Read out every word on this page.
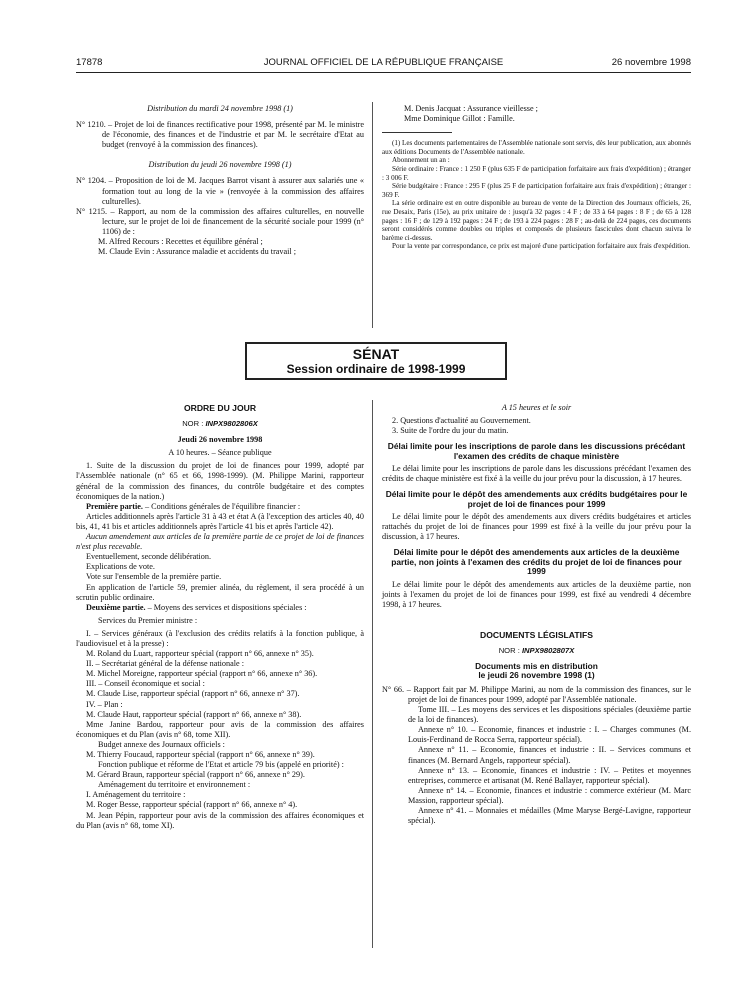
17878	JOURNAL OFFICIEL DE LA RÉPUBLIQUE FRANÇAISE	26 novembre 1998

Distribution du mardi 24 novembre 1998 (1)

N° 1210. – Projet de loi de finances rectificative pour 1998, présenté par M. le ministre de l'économie, des finances et de l'industrie et par M. le secrétaire d'Etat au budget (renvoyé à la commission des finances).

Distribution du jeudi 26 novembre 1998 (1)

N° 1204. – Proposition de loi de M. Jacques Barrot visant à assurer aux salariés une « formation tout au long de la vie » (renvoyée à la commission des affaires culturelles).

N° 1215. – Rapport, au nom de la commission des affaires culturelles, en nouvelle lecture, sur le projet de loi de financement de la sécurité sociale pour 1999 (n° 1106) de :

M. Alfred Recours : Recettes et équilibre général ;

M. Claude Evin : Assurance maladie et accidents du travail ;

M. Denis Jacquat : Assurance vieillesse ;

Mme Dominique Gillot : Famille.

(1) Les documents parlementaires de l'Assemblée nationale sont servis, dès leur publication, aux abonnés aux éditions Documents de l'Assemblée nationale.

Abonnement un an :

Série ordinaire : France : 1 250 F (plus 635 F de participation forfaitaire aux frais d'expédition) ; étranger : 3 006 F.

Série budgétaire : France : 295 F (plus 25 F de participation forfaitaire aux frais d'expédition) ; étranger : 369 F.

La série ordinaire est en outre disponible au bureau de vente de la Direction des Journaux officiels, 26, rue Desaix, Paris (15e), au prix unitaire de : jusqu'à 32 pages : 4 F ; de 33 à 64 pages : 8 F ; de 65 à 128 pages : 16 F ; de 129 à 192 pages : 24 F ; de 193 à 224 pages : 28 F ; au-delà de 224 pages, ces documents seront considérés comme doubles ou triples et composés de plusieurs fascicules dont chacun suivra le barème ci-dessus.

Pour la vente par correspondance, ce prix est majoré d'une participation forfaitaire aux frais d'expédition.

SÉNAT
Session ordinaire de 1998-1999

ORDRE DU JOUR

NOR : INPX9802806X

Jeudi 26 novembre 1998

A 10 heures. – Séance publique

1. Suite de la discussion du projet de loi de finances pour 1999, adopté par l'Assemblée nationale (n° 65 et 66, 1998-1999). (M. Philippe Marini, rapporteur général de la commission des finances, du contrôle budgétaire et des comptes économiques de la nation.)

Première partie. – Conditions générales de l'équilibre financier :

Articles additionnels après l'article 31 à 43 et état A (à l'exception des articles 40, 40 bis, 41, 41 bis et articles additionnels après l'article 41 bis et après l'article 42).

Aucun amendement aux articles de la première partie de ce projet de loi de finances n'est plus recevable.

Eventuellement, seconde délibération.

Explications de vote.

Vote sur l'ensemble de la première partie.

En application de l'article 59, premier alinéa, du règlement, il sera procédé à un scrutin public ordinaire.

Deuxième partie. – Moyens des services et dispositions spéciales :

Services du Premier ministre :

I. – Services généraux (à l'exclusion des crédits relatifs à la fonction publique, à l'audiovisuel et à la presse) :

M. Roland du Luart, rapporteur spécial (rapport n° 66, annexe n° 35).

II. – Secrétariat général de la défense nationale :

M. Michel Moreigne, rapporteur spécial (rapport n° 66, annexe n° 36).

III. – Conseil économique et social :

M. Claude Lise, rapporteur spécial (rapport n° 66, annexe n° 37).

IV. – Plan :

M. Claude Haut, rapporteur spécial (rapport n° 66, annexe n° 38).

Mme Janine Bardou, rapporteur pour avis de la commission des affaires économiques et du Plan (avis n° 68, tome XII).

Budget annexe des Journaux officiels :

M. Thierry Foucaud, rapporteur spécial (rapport n° 66, annexe n° 39).

Fonction publique et réforme de l'Etat et article 79 bis (appelé en priorité) :

M. Gérard Braun, rapporteur spécial (rapport n° 66, annexe n° 29).

Aménagement du territoire et environnement :

I. Aménagement du territoire :

M. Roger Besse, rapporteur spécial (rapport n° 66, annexe n° 4).

M. Jean Pépin, rapporteur pour avis de la commission des affaires économiques et du Plan (avis n° 68, tome XI).

A 15 heures et le soir

2. Questions d'actualité au Gouvernement.

3. Suite de l'ordre du jour du matin.

Délai limite pour les inscriptions de parole dans les discussions précédant l'examen des crédits de chaque ministère

Le délai limite pour les inscriptions de parole dans les discussions précédant l'examen des crédits de chaque ministère est fixé à la veille du jour prévu pour la discussion, à 17 heures.

Délai limite pour le dépôt des amendements aux crédits budgétaires pour le projet de loi de finances pour 1999

Le délai limite pour le dépôt des amendements aux divers crédits budgétaires et articles rattachés du projet de loi de finances pour 1999 est fixé à la veille du jour prévu pour la discussion, à 17 heures.

Délai limite pour le dépôt des amendements aux articles de la deuxième partie, non joints à l'examen des crédits du projet de loi de finances pour 1999

Le délai limite pour le dépôt des amendements aux articles de la deuxième partie, non joints à l'examen du projet de loi de finances pour 1999, est fixé au vendredi 4 décembre 1998, à 17 heures.

DOCUMENTS LÉGISLATIFS

NOR : INPX9802807X

Documents mis en distribution

le jeudi 26 novembre 1998 (1)

N° 66. – Rapport fait par M. Philippe Marini, au nom de la commission des finances, sur le projet de loi de finances pour 1999, adopté par l'Assemblée nationale.

Tome III. – Les moyens des services et les dispositions spéciales (deuxième partie de la loi de finances).

Annexe n° 10. – Economie, finances et industrie : I. – Charges communes (M. Louis-Ferdinand de Rocca Serra, rapporteur spécial).

Annexe n° 11. – Economie, finances et industrie : II. – Services communs et finances (M. Bernard Angels, rapporteur spécial).

Annexe n° 13. – Economie, finances et industrie : IV. – Petites et moyennes entreprises, commerce et artisanat (M. René Ballayer, rapporteur spécial).

Annexe n° 14. – Economie, finances et industrie : commerce extérieur (M. Marc Massion, rapporteur spécial).

Annexe n° 41. – Monnaies et médailles (Mme Maryse Bergé-Lavigne, rapporteur spécial).
